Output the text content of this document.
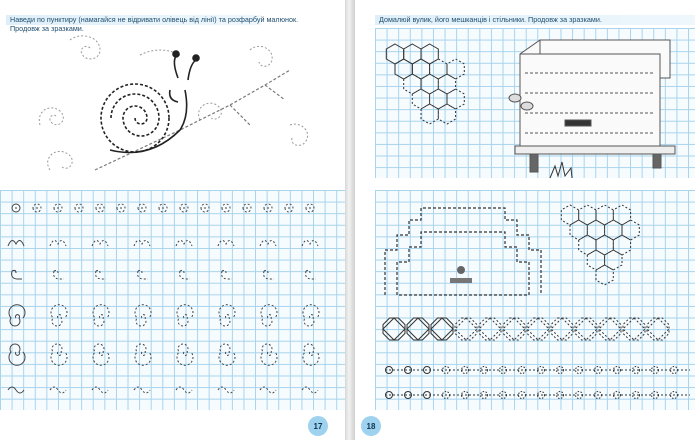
Наведи по пунктиру (намагайся не відривати олівець від лінії) та розфарбуй малюнок. Продовж за зразками.

17

Домалюй вулик, його мешканців і стільники. Продовж за зразками.

18
